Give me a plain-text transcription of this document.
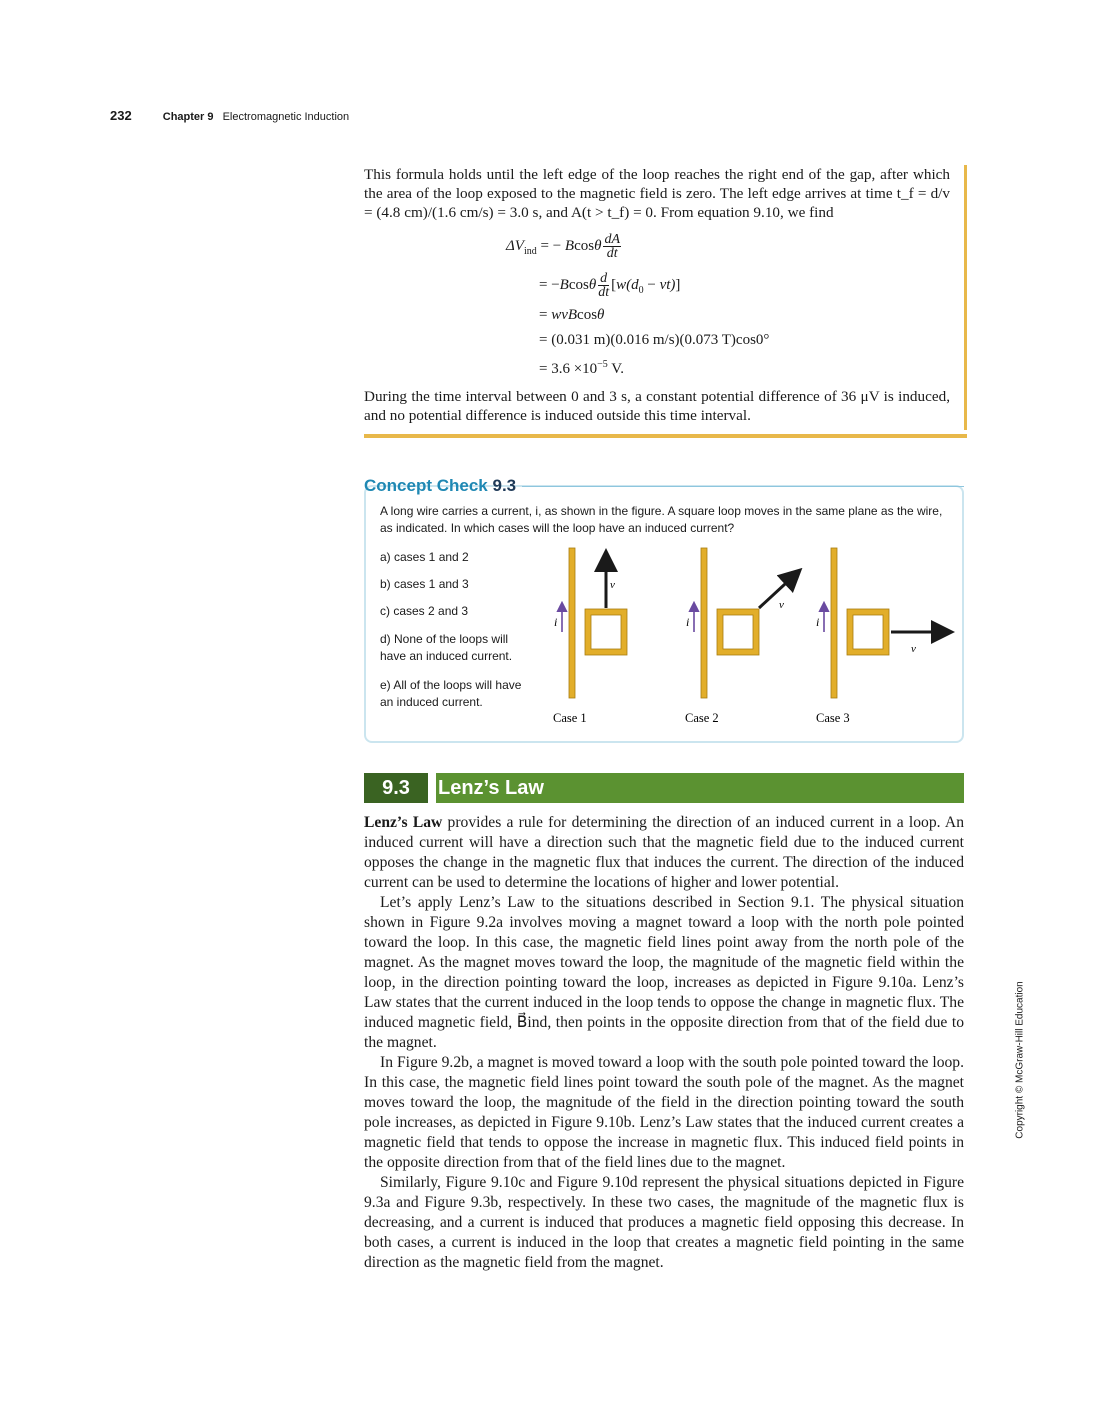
232	Chapter 9 Electromagnetic Induction

This formula holds until the left edge of the loop reaches the right end of the gap, after which the area of the loop exposed to the magnetic field is zero. The left edge arrives at time t_f = d/v = (4.8 cm)/(1.6 cm/s) = 3.0 s, and A(t > t_f) = 0. From equation 9.10, we find

During the time interval between 0 and 3 s, a constant potential difference of 36 μV is induced, and no potential difference is induced outside this time interval.

$\Delta V_{ind}$ = − Bcosθ $\frac{dA}{dt}$
= $-Bcos\theta \frac{d}{dt} [w(d_0 - vt)]$
= wvBcosθ
= (0.031 m)(0.016 m/s)(0.073 T)cos0°
= $3.6 \times 10^{-5}$ V.
Concept Check 9.3
A long wire carries a current, i, as shown in the figure. A square loop moves in the same plane as the wire, as indicated. In which cases will the loop have an induced current?
a) cases 1 and 2
b) cases 1 and 3
c) cases 2 and 3
d) None of the loops will have an induced current.
e) All of the loops will have an induced current.
i
v⃗
Case 1
i
v⃗
Case 2
i
v⃗
Case 3
9.3	Lenz’s Law

Lenz’s Law provides a rule for determining the direction of an induced current in a loop. An induced current will have a direction such that the magnetic field due to the induced current opposes the change in the magnetic flux that induces the current. The direction of the induced current can be used to determine the locations of higher and lower potential.

Let’s apply Lenz’s Law to the situations described in Section 9.1. The physical situation shown in Figure 9.2a involves moving a magnet toward a loop with the north pole pointed toward the loop. In this case, the magnetic field lines point away from the north pole of the magnet. As the magnet moves toward the loop, the magnitude of the magnetic field within the loop, in the direction pointing toward the loop, increases as depicted in Figure 9.10a. Lenz’s Law states that the current induced in the loop tends to oppose the change in magnetic flux. The induced magnetic field, B⃗ind, then points in the opposite direction from that of the field due to the magnet.

In Figure 9.2b, a magnet is moved toward a loop with the south pole pointed toward the loop. In this case, the magnetic field lines point toward the south pole of the magnet. As the magnet moves toward the loop, the magnitude of the field in the direction pointing toward the south pole increases, as depicted in Figure 9.10b. Lenz’s Law states that the induced current creates a magnetic field that tends to oppose the increase in magnetic flux. This induced field points in the opposite direction from that of the field lines due to the magnet.

Similarly, Figure 9.10c and Figure 9.10d represent the physical situations depicted in Figure 9.3a and Figure 9.3b, respectively. In these two cases, the magnitude of the magnetic flux is decreasing, and a current is induced that produces a magnetic field opposing this decrease. In both cases, a current is induced in the loop that creates a magnetic field pointing in the same direction as the magnetic field from the magnet.

Copyright © McGraw-Hill Education
